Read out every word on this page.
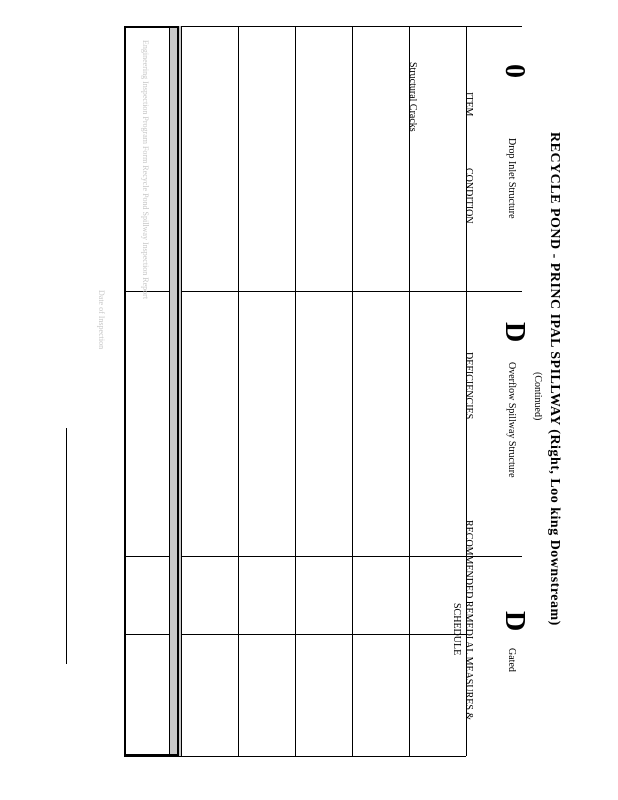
RECYCLE POND - PRINC IPAL SPILLWAY (Right, Loo king Downstream)
(Continued)
0
Drop Inlet Structure
D
Overflow Spillway Structure
D
Gated
ITEM
CONDITION
DEFICIENCIES
RECOMMENDED REMEDI AL MEASURES &
SCHEDULE
Structural Cracks
Engineering Inspection Program Form Recycle Pond Spillway Inspection Report
Date of Inspection
